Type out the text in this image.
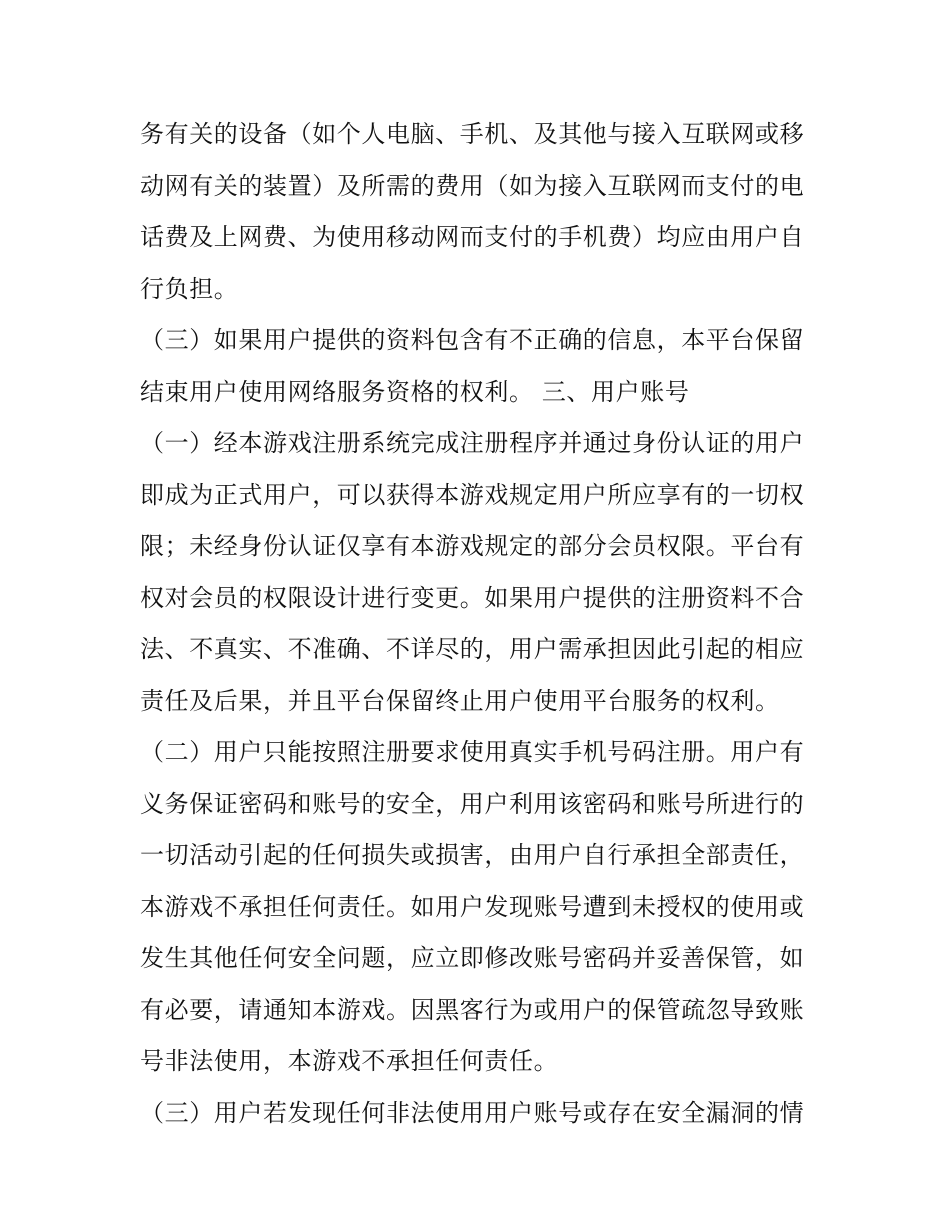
务有关的设备（如个人电脑、手机、及其他与接入互联网或移
动网有关的装置）及所需的费用（如为接入互联网而支付的电
话费及上网费、为使用移动网而支付的手机费）均应由用户自
行负担。
（三）如果用户提供的资料包含有不正确的信息，本平台保留
结束用户使用网络服务资格的权利。 三、用户账号
（一）经本游戏注册系统完成注册程序并通过身份认证的用户
即成为正式用户，可以获得本游戏规定用户所应享有的一切权
限；未经身份认证仅享有本游戏规定的部分会员权限。平台有
权对会员的权限设计进行变更。如果用户提供的注册资料不合
法、不真实、不准确、不详尽的，用户需承担因此引起的相应
责任及后果，并且平台保留终止用户使用平台服务的权利。
（二）用户只能按照注册要求使用真实手机号码注册。用户有
义务保证密码和账号的安全，用户利用该密码和账号所进行的
一切活动引起的任何损失或损害，由用户自行承担全部责任，
本游戏不承担任何责任。如用户发现账号遭到未授权的使用或
发生其他任何安全问题，应立即修改账号密码并妥善保管，如
有必要，请通知本游戏。因黑客行为或用户的保管疏忽导致账
号非法使用，本游戏不承担任何责任。
（三）用户若发现任何非法使用用户账号或存在安全漏洞的情
